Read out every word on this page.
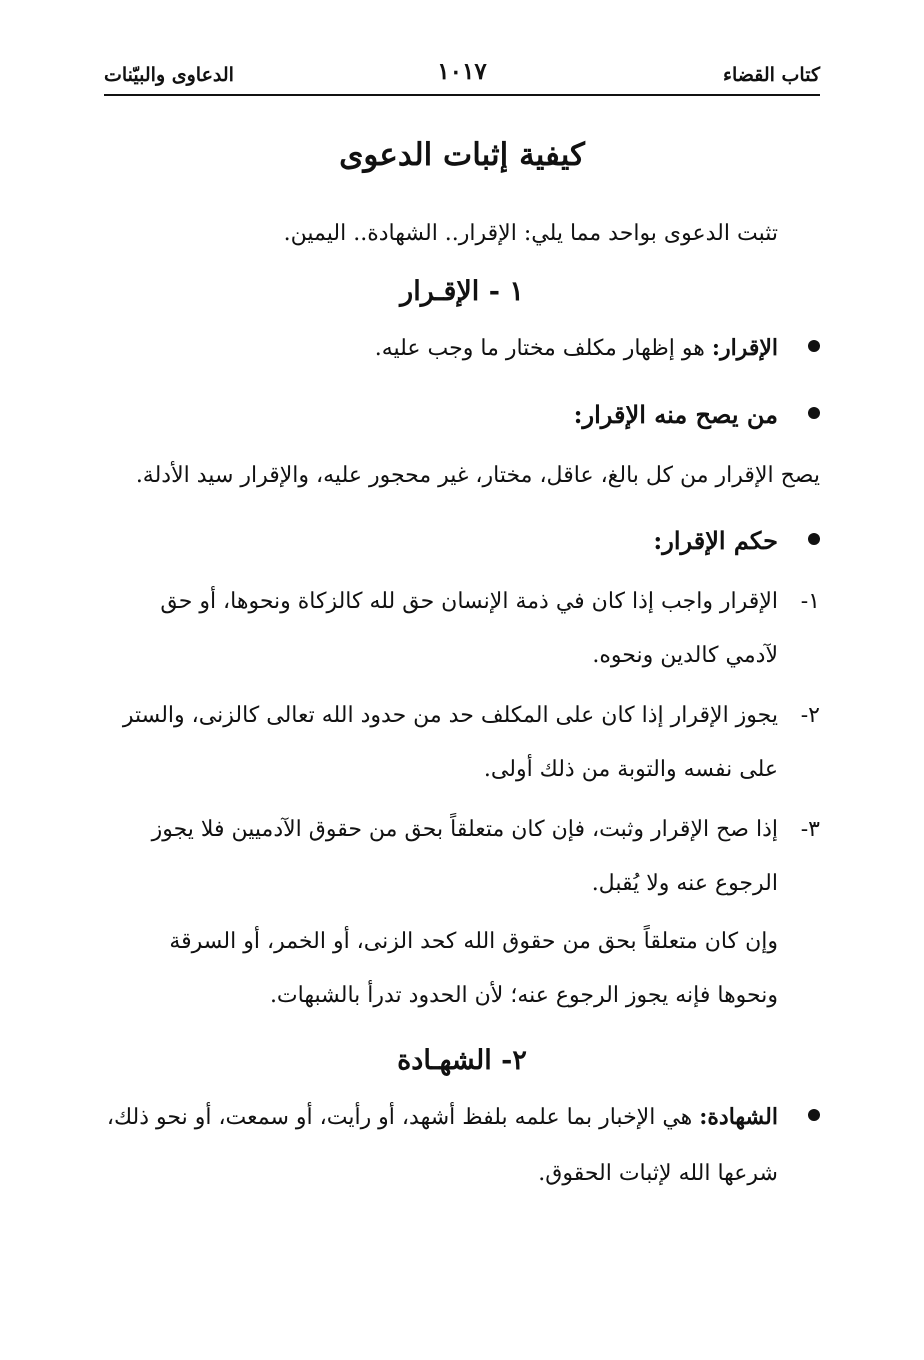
كتاب القضاء
١٠١٧
الدعاوى والبيّنات
كيفية إثبات الدعوى

تثبت الدعوى بواحد مما يلي: الإقرار.. الشهادة.. اليمين.

١ - الإقـرار
الإقرار: هو إظهار مكلف مختار ما وجب عليه.
من يصح منه الإقرار:

يصح الإقرار من كل بالغ، عاقل، مختار، غير محجور عليه، والإقرار سيد الأدلة.

حكم الإقرار:
١-
الإقرار واجب إذا كان في ذمة الإنسان حق لله كالزكاة ونحوها، أو حق لآدمي كالدين ونحوه.
٢-
يجوز الإقرار إذا كان على المكلف حد من حدود الله تعالى كالزنى، والستر على نفسه والتوبة من ذلك أولى.
٣-
إذا صح الإقرار وثبت، فإن كان متعلقاً بحق من حقوق الآدميين فلا يجوز الرجوع عنه ولا يُقبل.

وإن كان متعلقاً بحق من حقوق الله كحد الزنى، أو الخمر، أو السرقة ونحوها فإنه يجوز الرجوع عنه؛ لأن الحدود تدرأ بالشبهات.

٢- الشهـادة
الشهادة: هي الإخبار بما علمه بلفظ أشهد، أو رأيت، أو سمعت، أو نحو ذلك، شرعها الله لإثبات الحقوق.
